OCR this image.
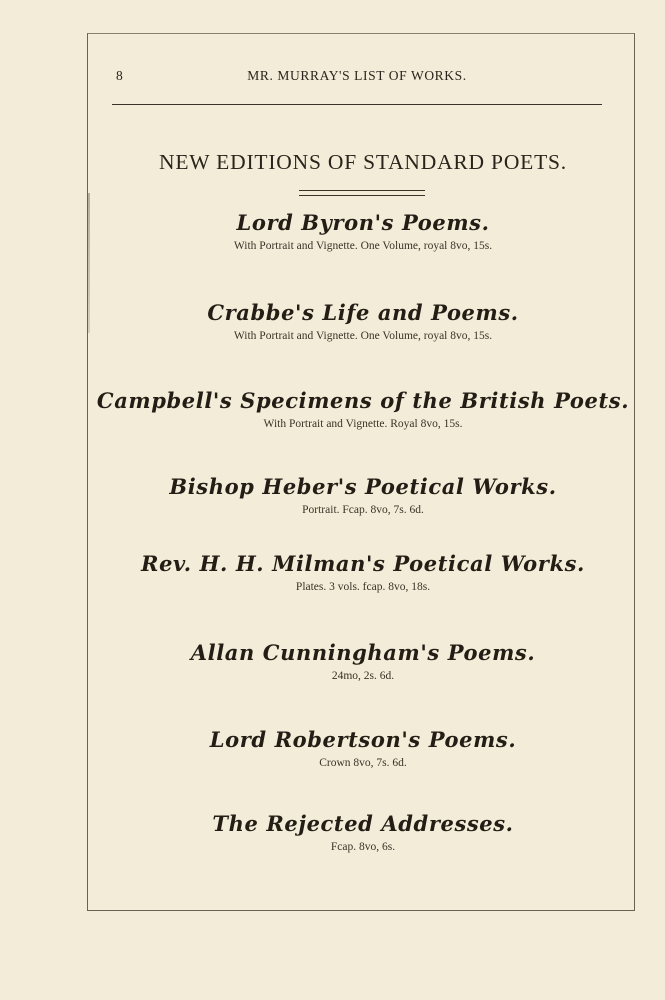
8	MR. MURRAY'S LIST OF WORKS.
NEW EDITIONS OF STANDARD POETS.
Lord Byron's Poems.
With Portrait and Vignette. One Volume, royal 8vo, 15s.
Crabbe's Life and Poems.
With Portrait and Vignette. One Volume, royal 8vo, 15s.
Campbell's Specimens of the British Poets.
With Portrait and Vignette. Royal 8vo, 15s.
Bishop Heber's Poetical Works.
Portrait. Fcap. 8vo, 7s. 6d.
Rev. H. H. Milman's Poetical Works.
Plates. 3 vols. fcap. 8vo, 18s.
Allan Cunningham's Poems.
24mo, 2s. 6d.
Lord Robertson's Poems.
Crown 8vo, 7s. 6d.
The Rejected Addresses.
Fcap. 8vo, 6s.
